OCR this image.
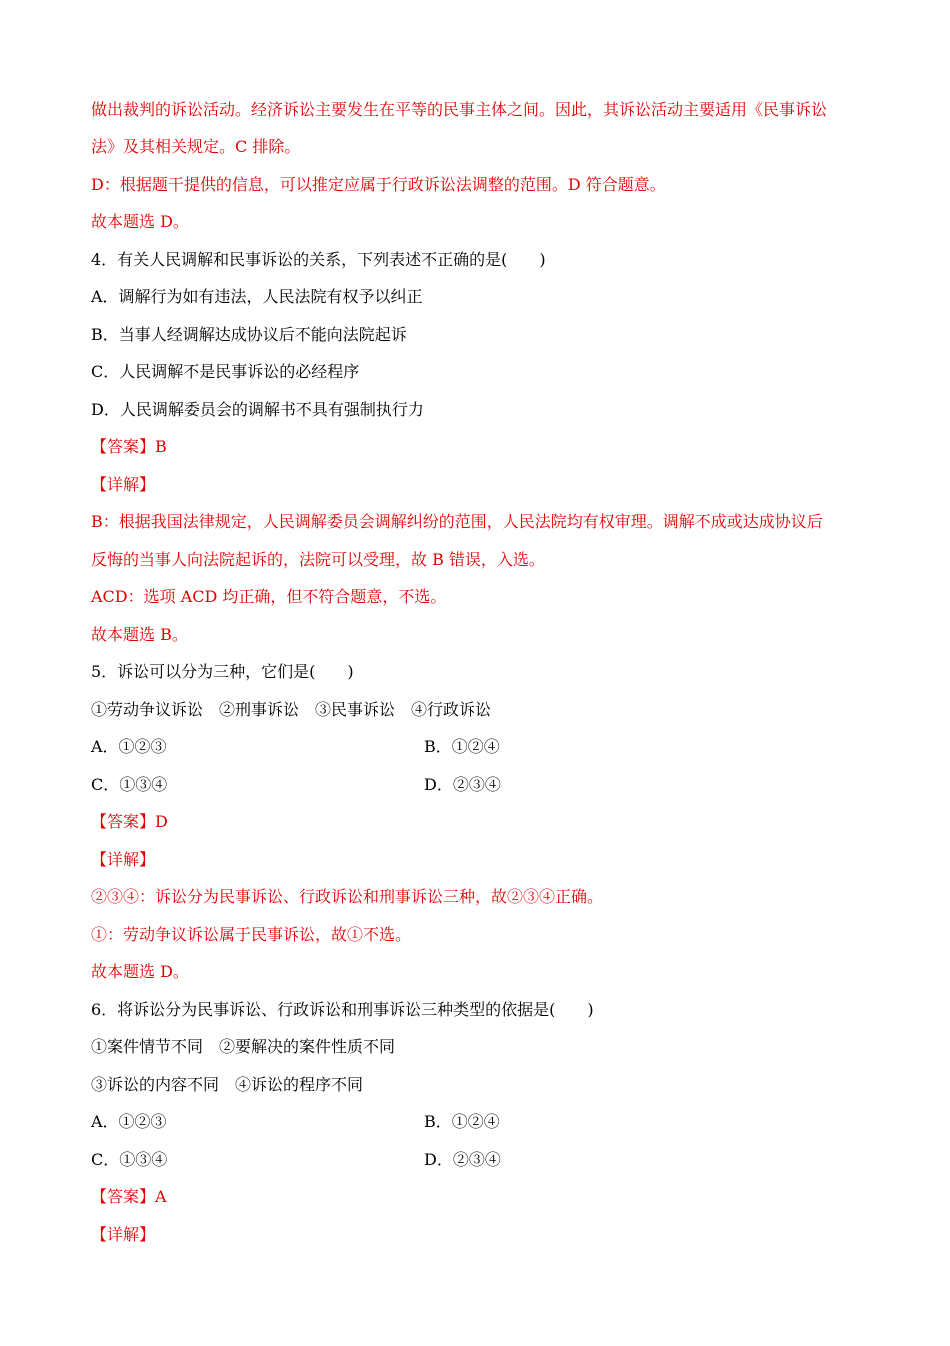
做出裁判的诉讼活动。经济诉讼主要发生在平等的民事主体之间。因此，其诉讼活动主要适用《民事诉讼
法》及其相关规定。C 排除。
D：根据题干提供的信息，可以推定应属于行政诉讼法调整的范围。D 符合题意。
故本题选 D。
4．有关人民调解和民事诉讼的关系，下列表述不正确的是(　　)
A．调解行为如有违法，人民法院有权予以纠正
B．当事人经调解达成协议后不能向法院起诉
C．人民调解不是民事诉讼的必经程序
D．人民调解委员会的调解书不具有强制执行力
【答案】B
【详解】
B：根据我国法律规定，人民调解委员会调解纠纷的范围，人民法院均有权审理。调解不成或达成协议后
反悔的当事人向法院起诉的，法院可以受理，故 B 错误，入选。
ACD：选项 ACD 均正确，但不符合题意，不选。
故本题选 B。
5．诉讼可以分为三种，它们是(　　)
①劳动争议诉讼　②刑事诉讼　③民事诉讼　④行政诉讼
A．①②③	B．①②④
C．①③④	D．②③④
【答案】D
【详解】
②③④：诉讼分为民事诉讼、行政诉讼和刑事诉讼三种，故②③④正确。
①：劳动争议诉讼属于民事诉讼，故①不选。
故本题选 D。
6．将诉讼分为民事诉讼、行政诉讼和刑事诉讼三种类型的依据是(　　)
①案件情节不同　②要解决的案件性质不同
③诉讼的内容不同　④诉讼的程序不同
A．①②③	B．①②④
C．①③④	D．②③④
【答案】A
【详解】
